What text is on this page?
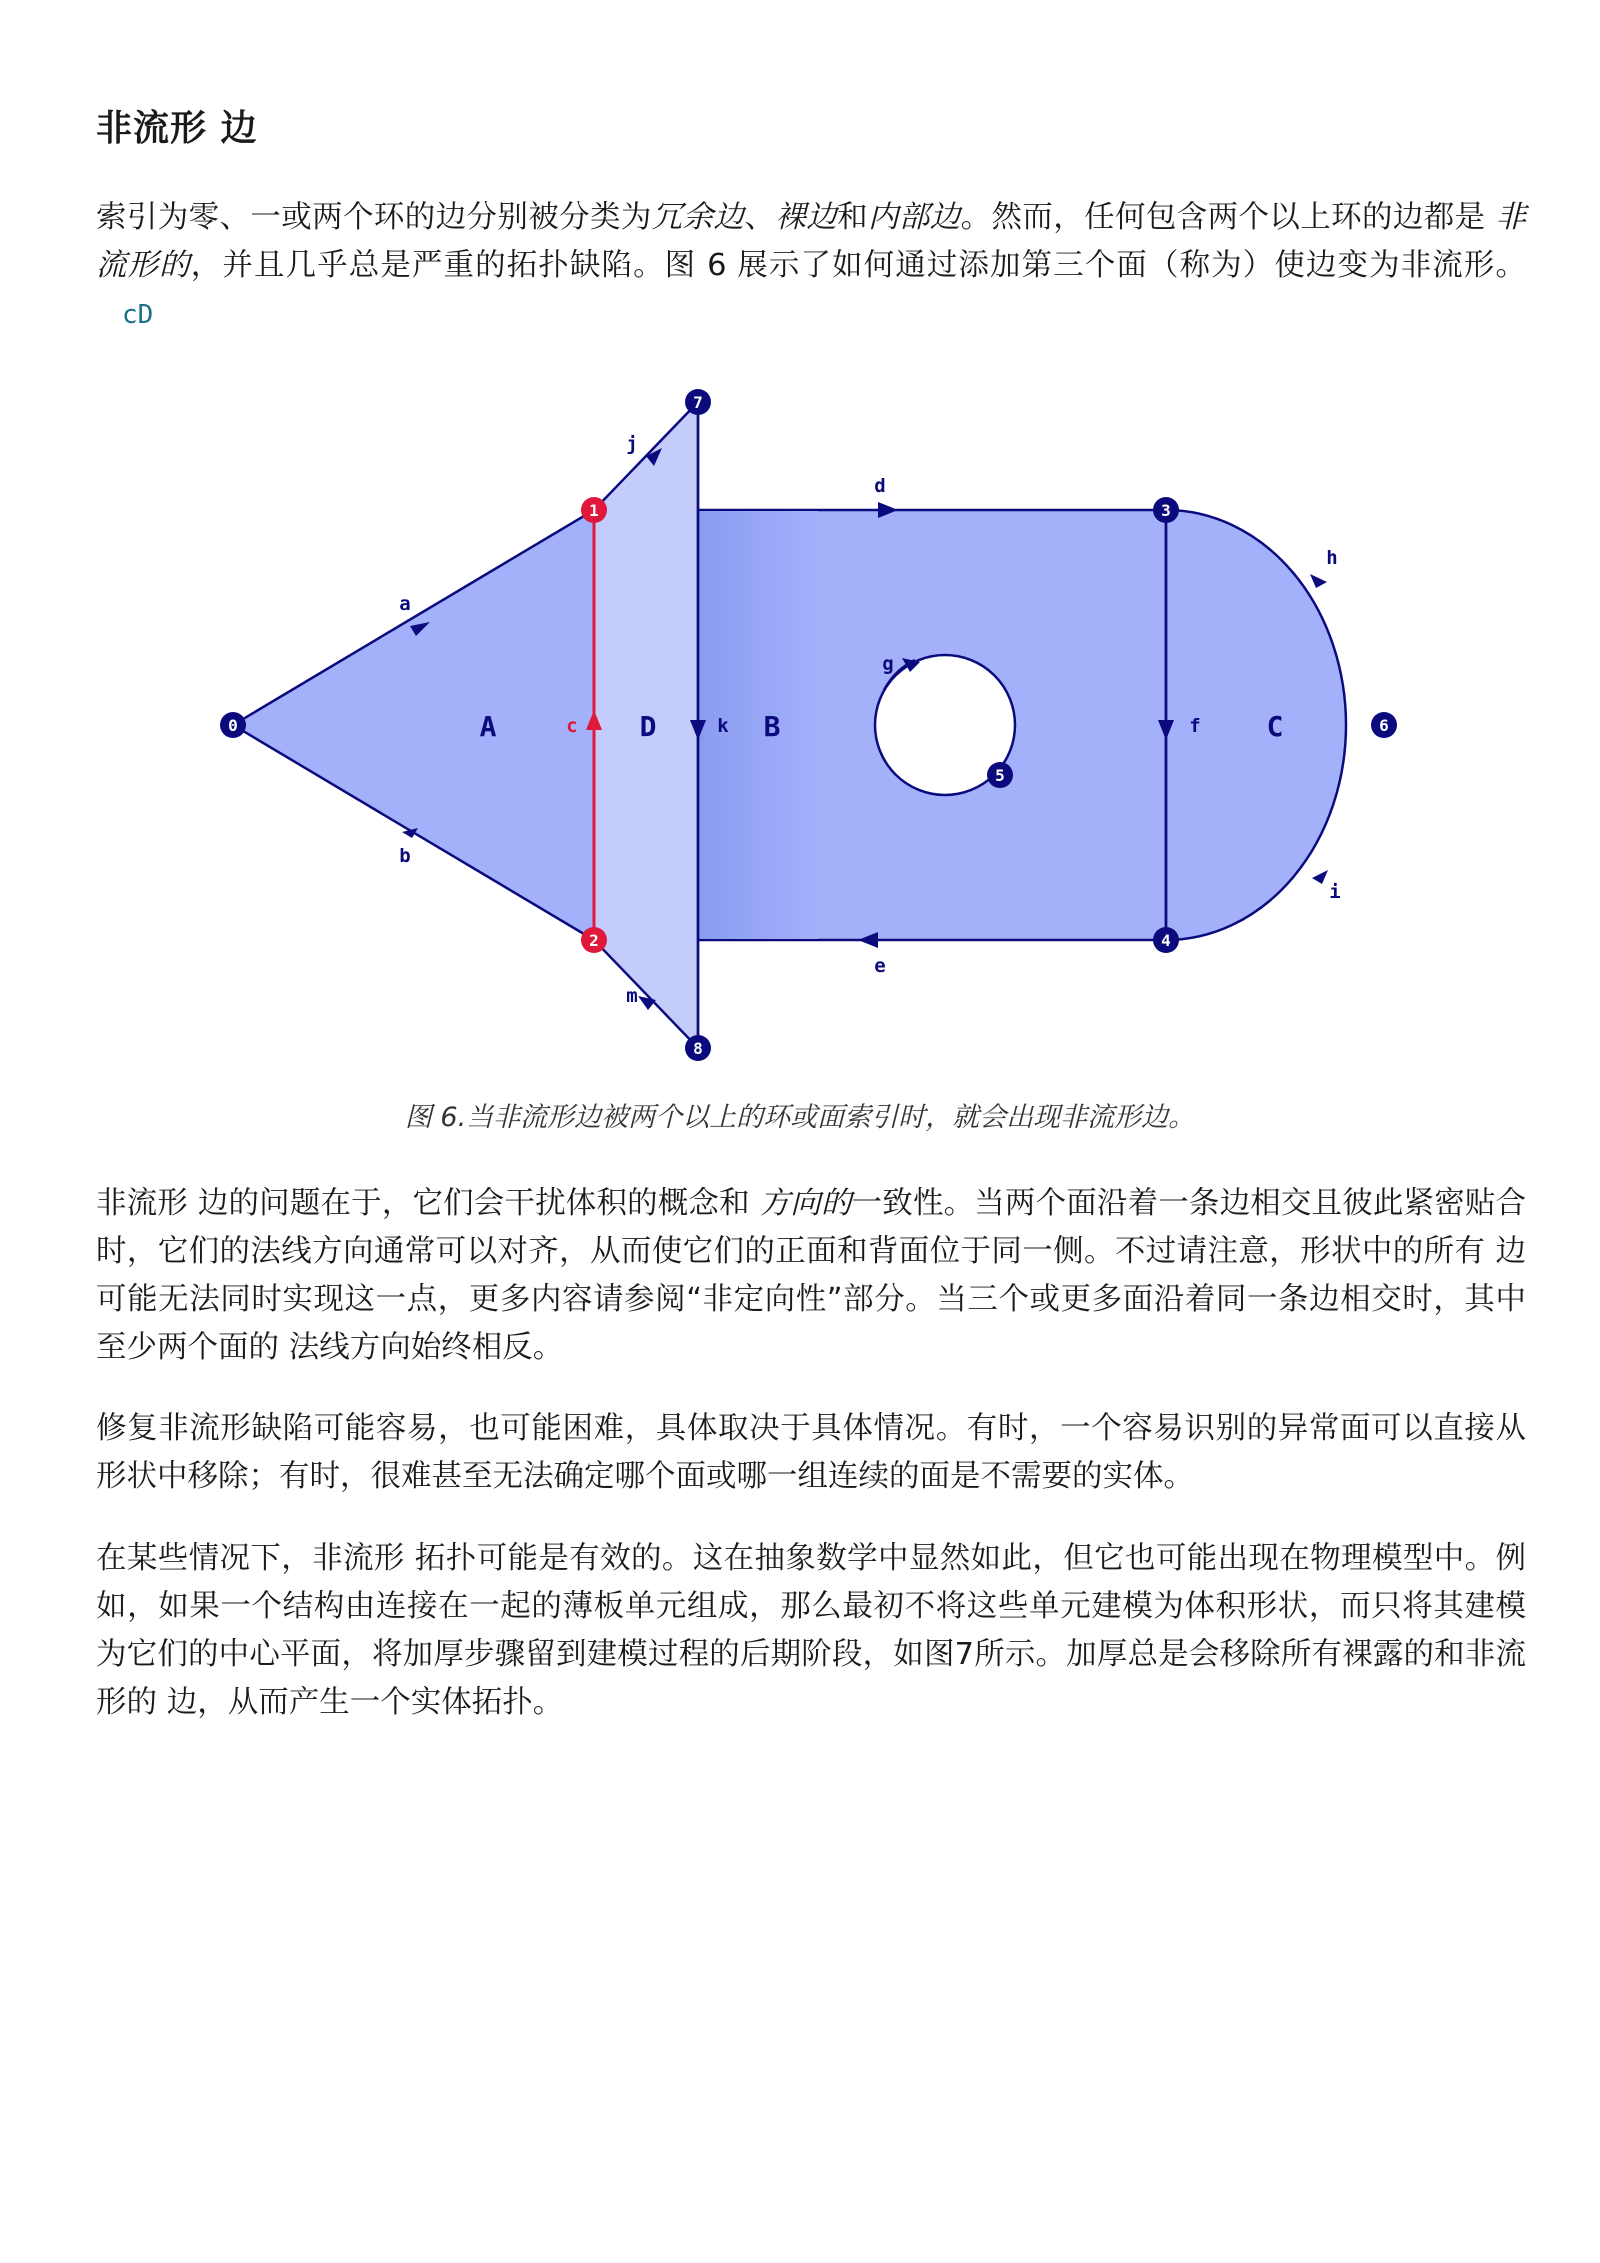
非流形 边

索引为零、一或两个环的边分别被分类为冗余边、裸边和内部边。然而，任何包含两个以上环的边都是 非流形的，并且几乎总是严重的拓扑缺陷。图 6 展示了如何通过添加第三个面（称为）使边变为非流形。cD

非流形 边的问题在于，它们会干扰体积的概念和 方向的一致性。当两个面沿着一条边相交且彼此紧密贴合时，它们的法线方向通常可以对齐，从而使它们的正面和背面位于同一侧。不过请注意，形状中的所有 边可能无法同时实现这一点，更多内容请参阅“非定向性”部分。当三个或更多面沿着同一条边相交时，其中至少两个面的 法线方向始终相反。

修复非流形缺陷可能容易，也可能困难，具体取决于具体情况。有时，一个容易识别的异常面可以直接从形状中移除；有时，很难甚至无法确定哪个面或哪一组连续的面是不需要的实体。

在某些情况下，非流形 拓扑可能是有效的。这在抽象数学中显然如此，但它也可能出现在物理模型中。例如，如果一个结构由连接在一起的薄板单元组成，那么最初不将这些单元建模为体积形状，而只将其建模为它们的中心平面，将加厚步骤留到建模过程的后期阶段，如图7所示。加厚总是会移除所有裸露的和非流形的 边，从而产生一个实体拓扑。

A	D	B	C
a
b
c
d
e
f
g
h
i
j
k
m
0
1
2
3
4
5
6
7
8

图 6.当非流形边被两个以上的环或面索引时，就会出现非流形边。
